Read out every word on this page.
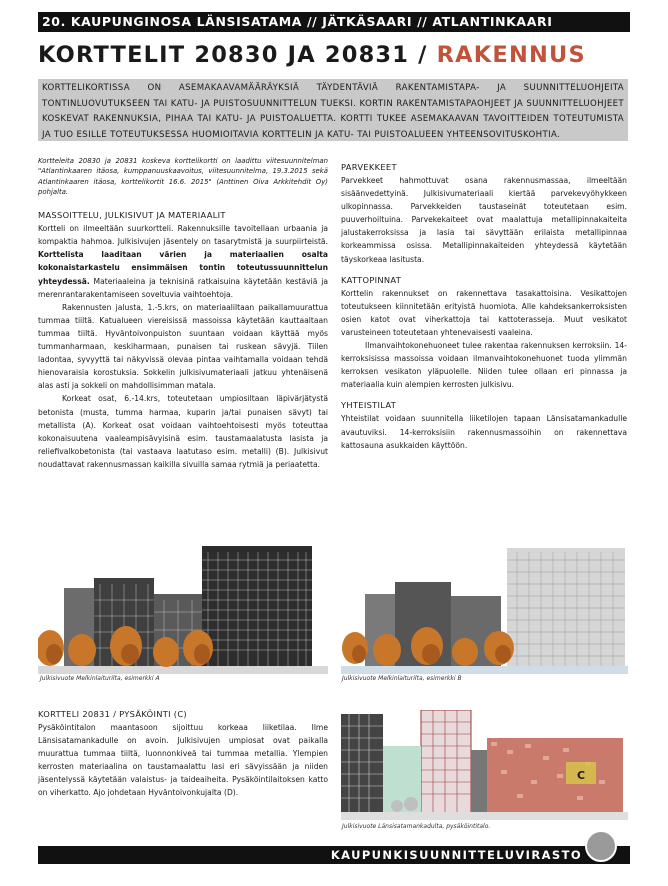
20. KAUPUNGINOSA LÄNSISATAMA // JÄTKÄSAARI // ATLANTINKAARI
KORTTELIT 20830 JA 20831 / RAKENNUS
KORTTELIKORTISSA ON ASEMAKAAVAMÄÄRÄYKSIÄ TÄYDENTÄVIÄ RAKENTAMISTAPA- JA SUUNNITTELUOHJEITA TONTINLUOVUTUKSEEN TAI KATU- JA PUISTOSUUNNITTELUN TUEKSI. KORTIN RAKENTAMISTAPAOHJEET JA SUUNNITTELUOHJEET KOSKEVAT RAKENNUKSIA, PIHAA TAI KATU- JA PUISTOALUETTA. KORTTI TUKEE ASEMAKAAVAN TAVOITTEIDEN TOTEUTUMISTA JA TUO ESILLE TOTEUTUKSESSA HUOMIOITAVIA KORTTELIN JA KATU- TAI PUISTOALUEEN YHTEENSOVITUSKOHTIA.

Kortteleita 20830 ja 20831 koskeva korttelikortti on laadittu viitesuunnitelman "Atlantinkaaren itäosa, kumppanuuskaavoitus, viitesuunnitelma, 19.3.2015 sekä Atlantinkaaren itäosa, korttelikortit 16.6. 2015" (Anttinen Oiva Arkkitehdit Oy) pohjalta.

MASSOITTELU, JULKISIVUT JA MATERIAALIT

Kortteli on ilmeeltään suurkortteli. Rakennuksille tavoitellaan urbaania ja kompaktia hahmoa. Julkisivujen jäsentely on tasarytmistä ja suurpiirteistä. Korttelista laaditaan värien ja materiaalien osalta kokonaistarkastelu ensimmäisen tontin toteutussuunnittelun yhteydessä. Materiaaleina ja teknisinä ratkaisuina käytetään kestäviä ja merenrantarakentamiseen soveltuvia vaihtoehtoja.

Rakennusten jalusta, 1.-5.krs, on materiaaliltaan paikallamuurattua tummaa tiiltä. Katualueen viereisissä massoissa käytetään kauttaaltaan tummaa tiiltä. Hyväntoivonpuiston suuntaan voidaan käyttää myös tummanharmaan, keskiharmaan, punaisen tai ruskean sävyjä. Tiilen ladontaa, syvyyttä tai näkyvissä olevaa pintaa vaihtamalla voidaan tehdä hienovaraisia korostuksia. Sokkelin julkisivumateriaali jatkuu yhtenäisenä alas asti ja sokkeli on mahdollisimman matala.

Korkeat osat, 6.-14.krs, toteutetaan umpiosiltaan läpivärjätystä betonista (musta, tumma harmaa, kuparin ja/tai punaisen sävyt) tai metallista (A). Korkeat osat voidaan vaihtoehtoisesti myös toteuttaa kokonaisuutena vaaleampisävyisinä esim. taustamaalatusta lasista ja reliefivalkobetonista (tai vastaava laatutaso esim. metalli) (B). Julkisivut noudattavat rakennusmassan kaikilla sivuilla samaa rytmiä ja periaatetta.

PARVEKKEET

Parvekkeet hahmottuvat osana rakennusmassaa, ilmeeltään sisäänvedettyinä. Julkisivumateriaali kiertää parvekevyöhykkeen ulkopinnassa. Parvekkeiden taustaseinät toteutetaan esim. puuverhoiltuina. Parvekekaiteet ovat maalattuja metallipinnakaiteita jalustakerroksissa ja lasia tai sävyttään erilaista metallipinnaa korkeammissa osissa. Metallipinnakaiteiden yhteydessä käytetään täyskorkeaa lasitusta.

KATTOPINNAT

Korttelin rakennukset on rakennettava tasakattoisina. Vesikattojen toteutukseen kiinnitetään erityistä huomiota. Alle kahdeksankerroksisten osien katot ovat viherkattoja tai kattoterasseja. Muut vesikatot varusteineen toteutetaan yhtenevaisesti vaaleina.

Ilmanvaihtokonehuoneet tulee rakentaa rakennuksen kerroksiin. 14-kerroksisissa massoissa voidaan ilmanvaihtokonehuonet tuoda ylimmän kerroksen vesikaton yläpuolelle. Niiden tulee ollaan eri pinnassa ja materiaalia kuin alempien kerrosten julkisivu.

YHTEISTILAT

Yhteistilat voidaan suunnitella liiketilojen tapaan Länsisatamankadulle avautuviksi. 14-kerroksisiin rakennusmassoihin on rakennettava kattosauna asukkaiden käyttöön.

Julkisivuote Melkinlaiturilta, esimerkki A	Julkisivuote Melkinlaiturilta, esimerkki B

KORTTELI 20831 / PYSÄKÖINTI (C)

Pysäköintitalon maantasoon sijoittuu korkeaa liiketilaa. Ilme Länsisatamankadulle on avoin. Julkisivujen umpiosat ovat paikalla muurattua tummaa tiiltä, luonnonkiveä tai tummaa metallia. Ylempien kerrosten materiaalina on taustamaalattu lasi eri sävyissään ja niiden jäsentelyssä käytetään valaistus- ja taideaiheita. Pysäköintilaitoksen katto on viherkatto. Ajo johdetaan Hyväntoivonkujalta (D).

C
Julkisivuote Länsisatamankadulta, pysäköintitalo.
KAUPUNKISUUNNITTELUVIRASTO
